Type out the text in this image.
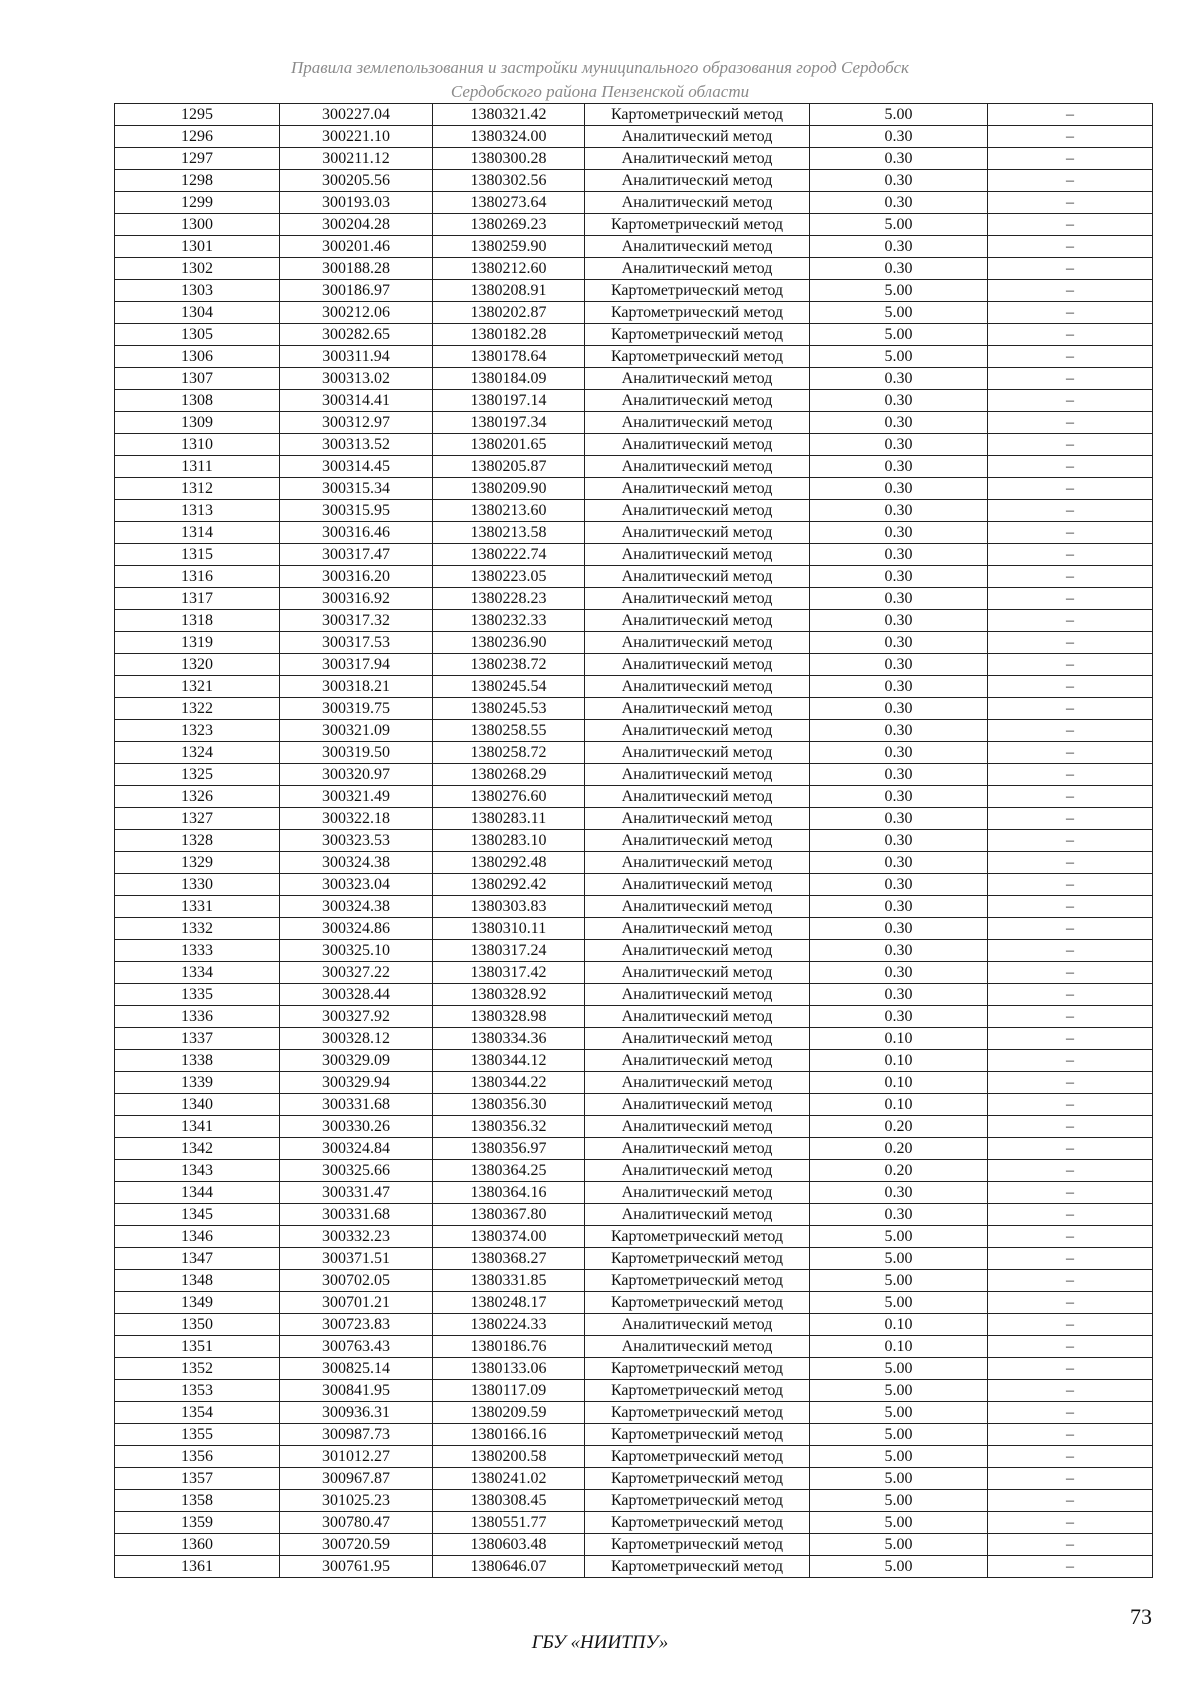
Правила землепользования и застройки муниципального образования город Сердобск
Сердобского района Пензенской области
1295	300227.04	1380321.42	Картометрический метод	5.00	–
1296	300221.10	1380324.00	Аналитический метод	0.30	–
1297	300211.12	1380300.28	Аналитический метод	0.30	–
1298	300205.56	1380302.56	Аналитический метод	0.30	–
1299	300193.03	1380273.64	Аналитический метод	0.30	–
1300	300204.28	1380269.23	Картометрический метод	5.00	–
1301	300201.46	1380259.90	Аналитический метод	0.30	–
1302	300188.28	1380212.60	Аналитический метод	0.30	–
1303	300186.97	1380208.91	Картометрический метод	5.00	–
1304	300212.06	1380202.87	Картометрический метод	5.00	–
1305	300282.65	1380182.28	Картометрический метод	5.00	–
1306	300311.94	1380178.64	Картометрический метод	5.00	–
1307	300313.02	1380184.09	Аналитический метод	0.30	–
1308	300314.41	1380197.14	Аналитический метод	0.30	–
1309	300312.97	1380197.34	Аналитический метод	0.30	–
1310	300313.52	1380201.65	Аналитический метод	0.30	–
1311	300314.45	1380205.87	Аналитический метод	0.30	–
1312	300315.34	1380209.90	Аналитический метод	0.30	–
1313	300315.95	1380213.60	Аналитический метод	0.30	–
1314	300316.46	1380213.58	Аналитический метод	0.30	–
1315	300317.47	1380222.74	Аналитический метод	0.30	–
1316	300316.20	1380223.05	Аналитический метод	0.30	–
1317	300316.92	1380228.23	Аналитический метод	0.30	–
1318	300317.32	1380232.33	Аналитический метод	0.30	–
1319	300317.53	1380236.90	Аналитический метод	0.30	–
1320	300317.94	1380238.72	Аналитический метод	0.30	–
1321	300318.21	1380245.54	Аналитический метод	0.30	–
1322	300319.75	1380245.53	Аналитический метод	0.30	–
1323	300321.09	1380258.55	Аналитический метод	0.30	–
1324	300319.50	1380258.72	Аналитический метод	0.30	–
1325	300320.97	1380268.29	Аналитический метод	0.30	–
1326	300321.49	1380276.60	Аналитический метод	0.30	–
1327	300322.18	1380283.11	Аналитический метод	0.30	–
1328	300323.53	1380283.10	Аналитический метод	0.30	–
1329	300324.38	1380292.48	Аналитический метод	0.30	–
1330	300323.04	1380292.42	Аналитический метод	0.30	–
1331	300324.38	1380303.83	Аналитический метод	0.30	–
1332	300324.86	1380310.11	Аналитический метод	0.30	–
1333	300325.10	1380317.24	Аналитический метод	0.30	–
1334	300327.22	1380317.42	Аналитический метод	0.30	–
1335	300328.44	1380328.92	Аналитический метод	0.30	–
1336	300327.92	1380328.98	Аналитический метод	0.30	–
1337	300328.12	1380334.36	Аналитический метод	0.10	–
1338	300329.09	1380344.12	Аналитический метод	0.10	–
1339	300329.94	1380344.22	Аналитический метод	0.10	–
1340	300331.68	1380356.30	Аналитический метод	0.10	–
1341	300330.26	1380356.32	Аналитический метод	0.20	–
1342	300324.84	1380356.97	Аналитический метод	0.20	–
1343	300325.66	1380364.25	Аналитический метод	0.20	–
1344	300331.47	1380364.16	Аналитический метод	0.30	–
1345	300331.68	1380367.80	Аналитический метод	0.30	–
1346	300332.23	1380374.00	Картометрический метод	5.00	–
1347	300371.51	1380368.27	Картометрический метод	5.00	–
1348	300702.05	1380331.85	Картометрический метод	5.00	–
1349	300701.21	1380248.17	Картометрический метод	5.00	–
1350	300723.83	1380224.33	Аналитический метод	0.10	–
1351	300763.43	1380186.76	Аналитический метод	0.10	–
1352	300825.14	1380133.06	Картометрический метод	5.00	–
1353	300841.95	1380117.09	Картометрический метод	5.00	–
1354	300936.31	1380209.59	Картометрический метод	5.00	–
1355	300987.73	1380166.16	Картометрический метод	5.00	–
1356	301012.27	1380200.58	Картометрический метод	5.00	–
1357	300967.87	1380241.02	Картометрический метод	5.00	–
1358	301025.23	1380308.45	Картометрический метод	5.00	–
1359	300780.47	1380551.77	Картометрический метод	5.00	–
1360	300720.59	1380603.48	Картометрический метод	5.00	–
1361	300761.95	1380646.07	Картометрический метод	5.00	–
73
ГБУ «НИИТПУ»
